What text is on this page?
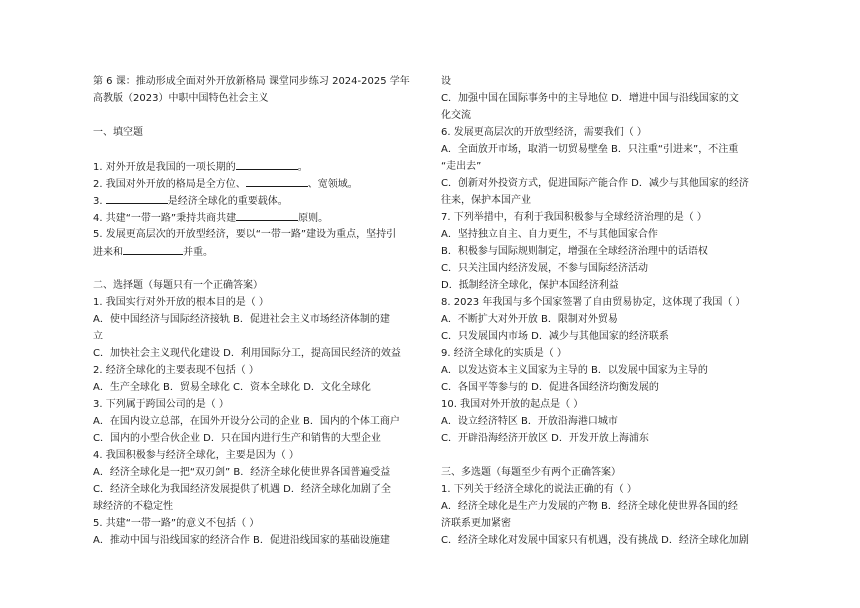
第 6 课：推动形成全面对外开放新格局 课堂同步练习 2024-2025 学年
高教版（2023）中职中国特色社会主义
一、填空题
1. 对外开放是我国的一项长期的	。
2. 我国对外开放的格局是全方位、	、宽领域。
3.	是经济全球化的重要载体。
4. 共建“一带一路”秉持共商共建	原则。
5. 发展更高层次的开放型经济，要以“一带一路”建设为重点，坚持引
进来和	并重。
二、选择题（每题只有一个正确答案）
1. 我国实行对外开放的根本目的是（ ）
A．使中国经济与国际经济接轨 B．促进社会主义市场经济体制的建
立
C．加快社会主义现代化建设 D．利用国际分工，提高国民经济的效益
2. 经济全球化的主要表现不包括（ ）
A．生产全球化 B．贸易全球化 C．资本全球化 D．文化全球化
3. 下列属于跨国公司的是（ ）
A．在国内设立总部，在国外开设分公司的企业 B．国内的个体工商户
C．国内的小型合伙企业 D．只在国内进行生产和销售的大型企业
4. 我国积极参与经济全球化，主要是因为（ ）
A．经济全球化是一把“双刃剑” B．经济全球化使世界各国普遍受益
C．经济全球化为我国经济发展提供了机遇 D．经济全球化加剧了全
球经济的不稳定性
5. 共建“一带一路”的意义不包括（ ）
A．推动中国与沿线国家的经济合作 B．促进沿线国家的基础设施建
设
C．加强中国在国际事务中的主导地位 D．增进中国与沿线国家的文
化交流
6. 发展更高层次的开放型经济，需要我们（ ）
A．全面放开市场，取消一切贸易壁垒 B．只注重“引进来”，不注重
“走出去”
C．创新对外投资方式，促进国际产能合作 D．减少与其他国家的经济
往来，保护本国产业
7. 下列举措中，有利于我国积极参与全球经济治理的是（ ）
A．坚持独立自主、自力更生，不与其他国家合作
B．积极参与国际规则制定，增强在全球经济治理中的话语权
C．只关注国内经济发展，不参与国际经济活动
D．抵制经济全球化，保护本国经济利益
8. 2023 年我国与多个国家签署了自由贸易协定，这体现了我国（ ）
A．不断扩大对外开放 B．限制对外贸易
C．只发展国内市场 D．减少与其他国家的经济联系
9. 经济全球化的实质是（ ）
A．以发达资本主义国家为主导的 B．以发展中国家为主导的
C．各国平等参与的 D．促进各国经济均衡发展的
10. 我国对外开放的起点是（ ）
A．设立经济特区 B．开放沿海港口城市
C．开辟沿海经济开放区 D．开发开放上海浦东
三、多选题（每题至少有两个正确答案）
1. 下列关于经济全球化的说法正确的有（ ）
A．经济全球化是生产力发展的产物 B．经济全球化使世界各国的经
济联系更加紧密
C．经济全球化对发展中国家只有机遇，没有挑战 D．经济全球化加剧
